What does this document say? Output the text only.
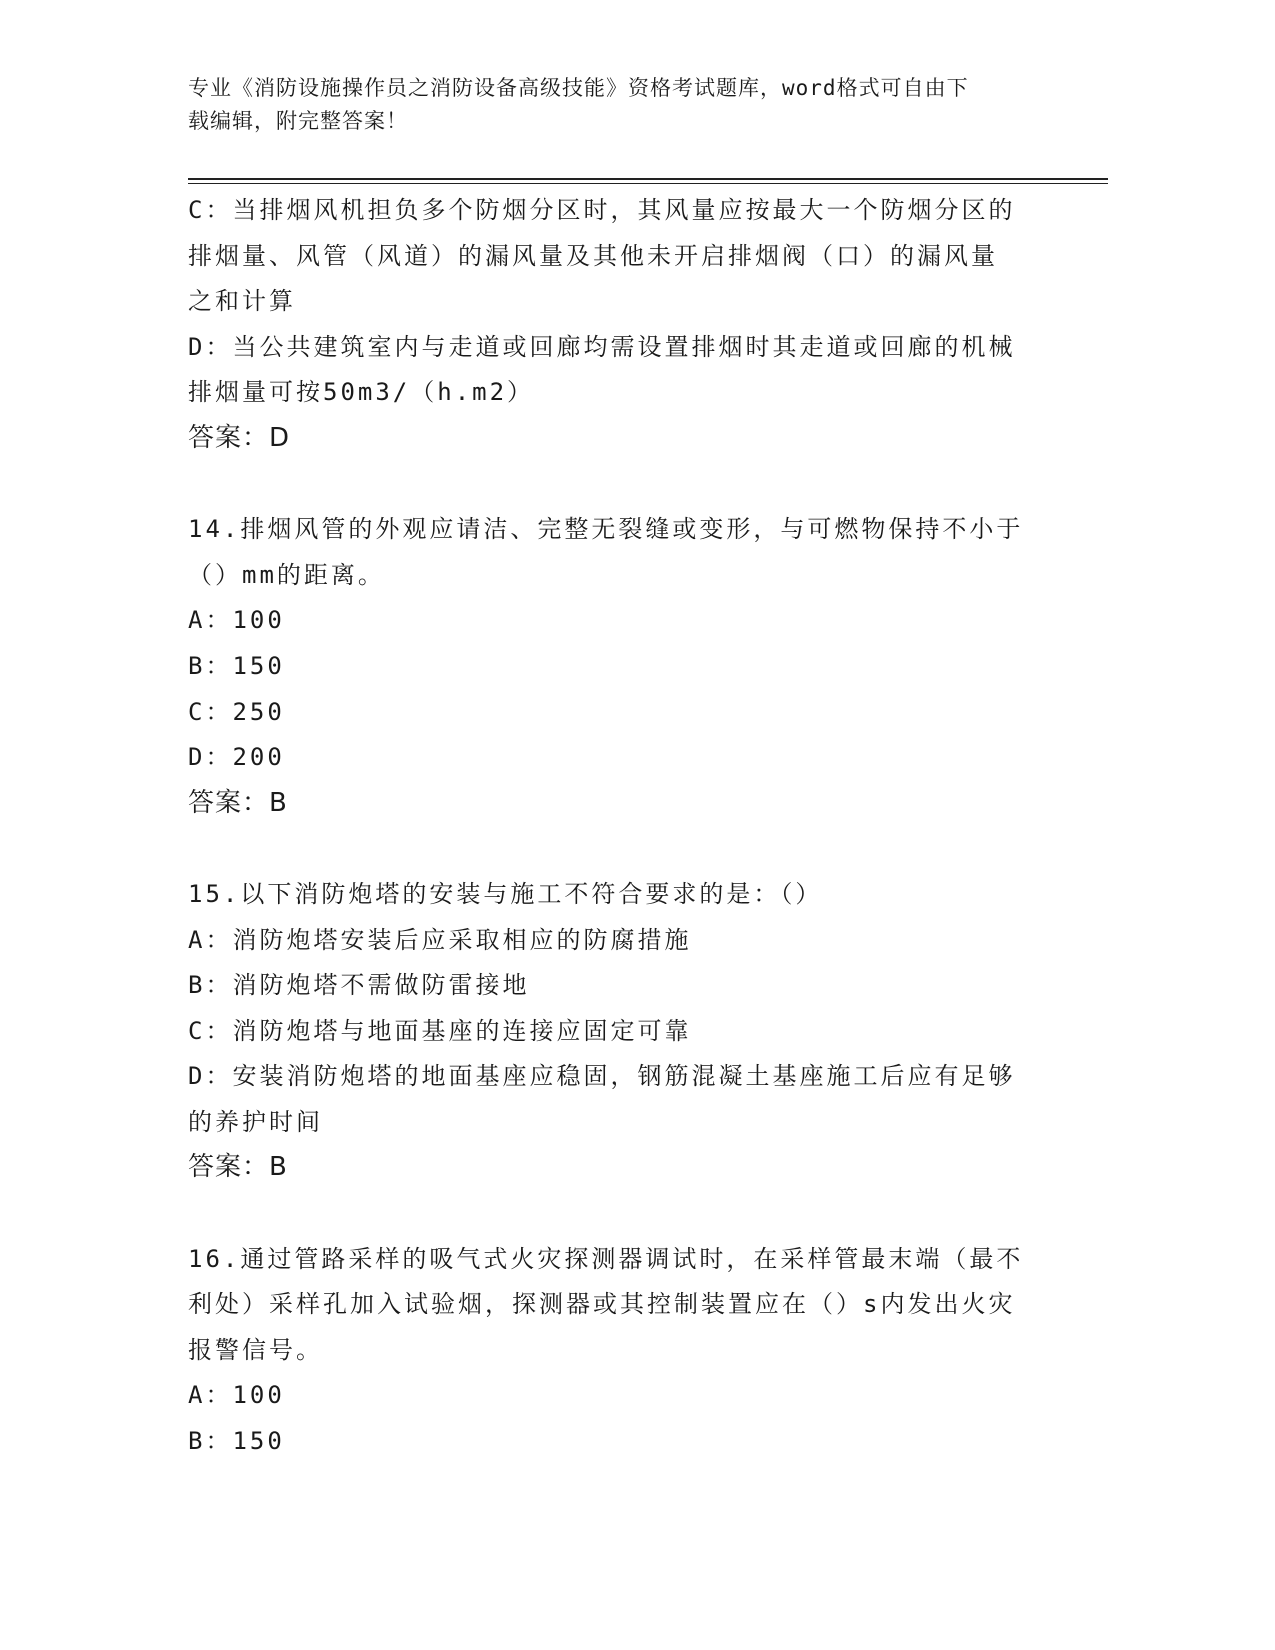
专业《消防设施操作员之消防设备高级技能》资格考试题库，word格式可自由下
载编辑，附完整答案！
C：当排烟风机担负多个防烟分区时，其风量应按最大一个防烟分区的
排烟量、风管（风道）的漏风量及其他未开启排烟阀（口）的漏风量
之和计算
D：当公共建筑室内与走道或回廊均需设置排烟时其走道或回廊的机械
排烟量可按50m3/（h.m2）
答案：D
14.排烟风管的外观应请洁、完整无裂缝或变形，与可燃物保持不小于
（）mm的距离。
A：100
B：150
C：250
D：200
答案：B
15.以下消防炮塔的安装与施工不符合要求的是：（）
A：消防炮塔安装后应采取相应的防腐措施
B：消防炮塔不需做防雷接地
C：消防炮塔与地面基座的连接应固定可靠
D：安装消防炮塔的地面基座应稳固，钢筋混凝土基座施工后应有足够
的养护时间
答案：B
16.通过管路采样的吸气式火灾探测器调试时，在采样管最末端（最不
利处）采样孔加入试验烟，探测器或其控制装置应在（）s内发出火灾
报警信号。
A：100
B：150
